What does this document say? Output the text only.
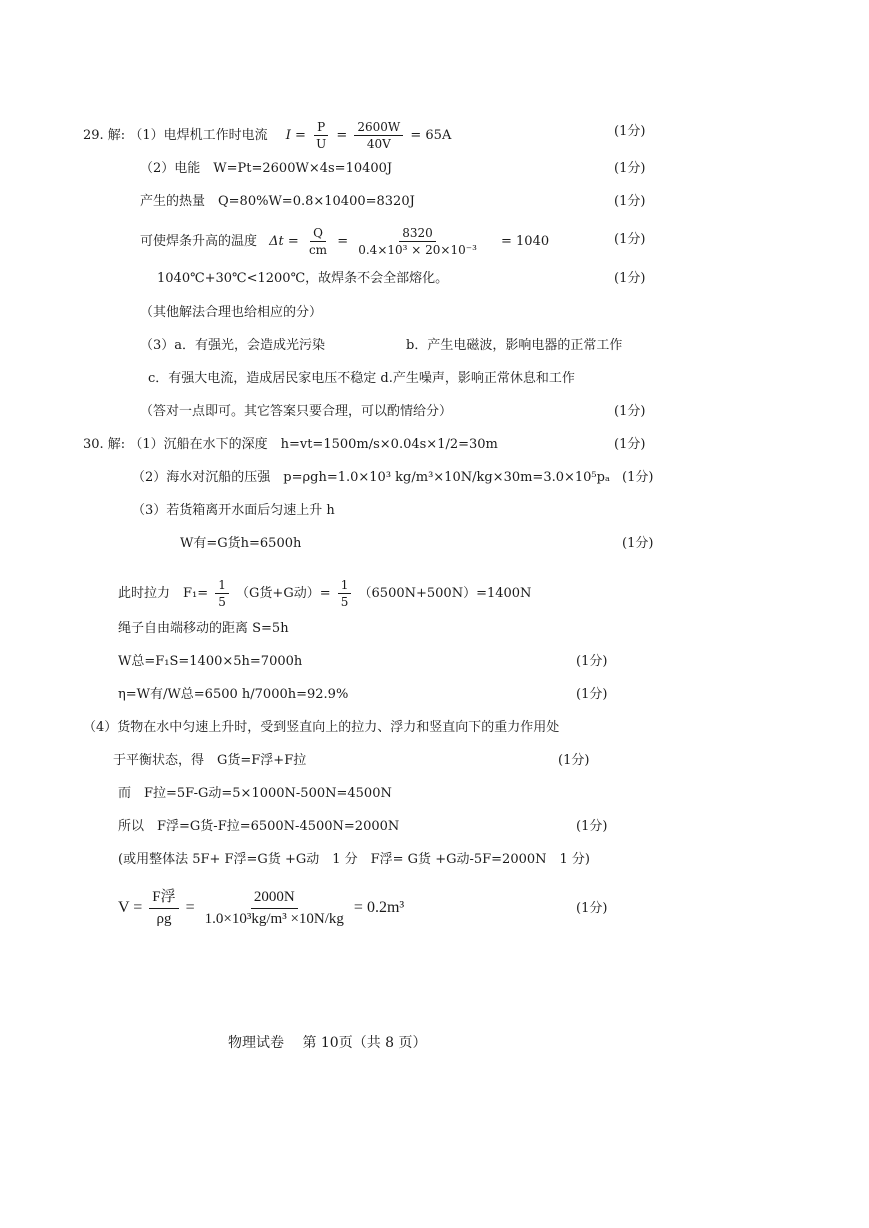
29. 解: （1）电焊机工作时电流 $I = \frac{P}{U} = \frac{2600W}{40V} = 65A$	(1分)
（2）电能　W=Pt=2600W×4s=10400J	(1分)
产生的热量　Q=80%W=0.8×10400=8320J	(1分)
可使焊条升高的温度 $\Delta t = \frac{Q}{cm} = \frac{8320}{\text{0.4×10³ × 20×10⁻³}} = 1040$	(1分)
1040℃+30℃<1200℃，故焊条不会全部熔化。	(1分)
（其他解法合理也给相应的分）
（3）a．有强光，会造成光污染	b．产生电磁波，影响电器的正常工作
c．有强大电流，造成居民家电压不稳定 d.产生噪声，影响正常休息和工作
（答对一点即可。其它答案只要合理，可以酌情给分）	(1分)
30. 解: （1）沉船在水下的深度　h=vt=1500m/s×0.04s×1/2=30m	(1分)
（2）海水对沉船的压强　p=ρgh=1.0×10³ kg/m³×10N/kg×30m=3.0×10⁵pₐ (1分)
（3）若货箱离开水面后匀速上升 h
W有=G货h=6500h	(1分)
此时拉力　$F_1= \frac{1}{5} (G$货+G动）= $\frac{1}{5} (6500N+500N)=1400N$
绳子自由端移动的距离 S=5h
W总=F₁S=1400×5h=7000h	(1分)
η=W有/W总=6500 h/7000h=92.9%	(1分)
（4）货物在水中匀速上升时，受到竖直向上的拉力、浮力和竖直向下的重力作用处
于平衡状态，得　G货=F浮+F拉	(1分)
而　F拉=5F-G动=5×1000N-500N=4500N
所以　F浮=G货-F拉=6500N-4500N=2000N	(1分)
(或用整体法 5F+ F浮=G货 +G动　1 分　F浮= G货 +G动-5F=2000N　1 分)
$V = \frac{\text{F浮}}{\rho g} = \frac{2000N}{\text{1.0×10³kg/m³ ×10N/kg}} = 0.2m^3$	(1分)
物理试卷　 第 10页（共 8 页）
